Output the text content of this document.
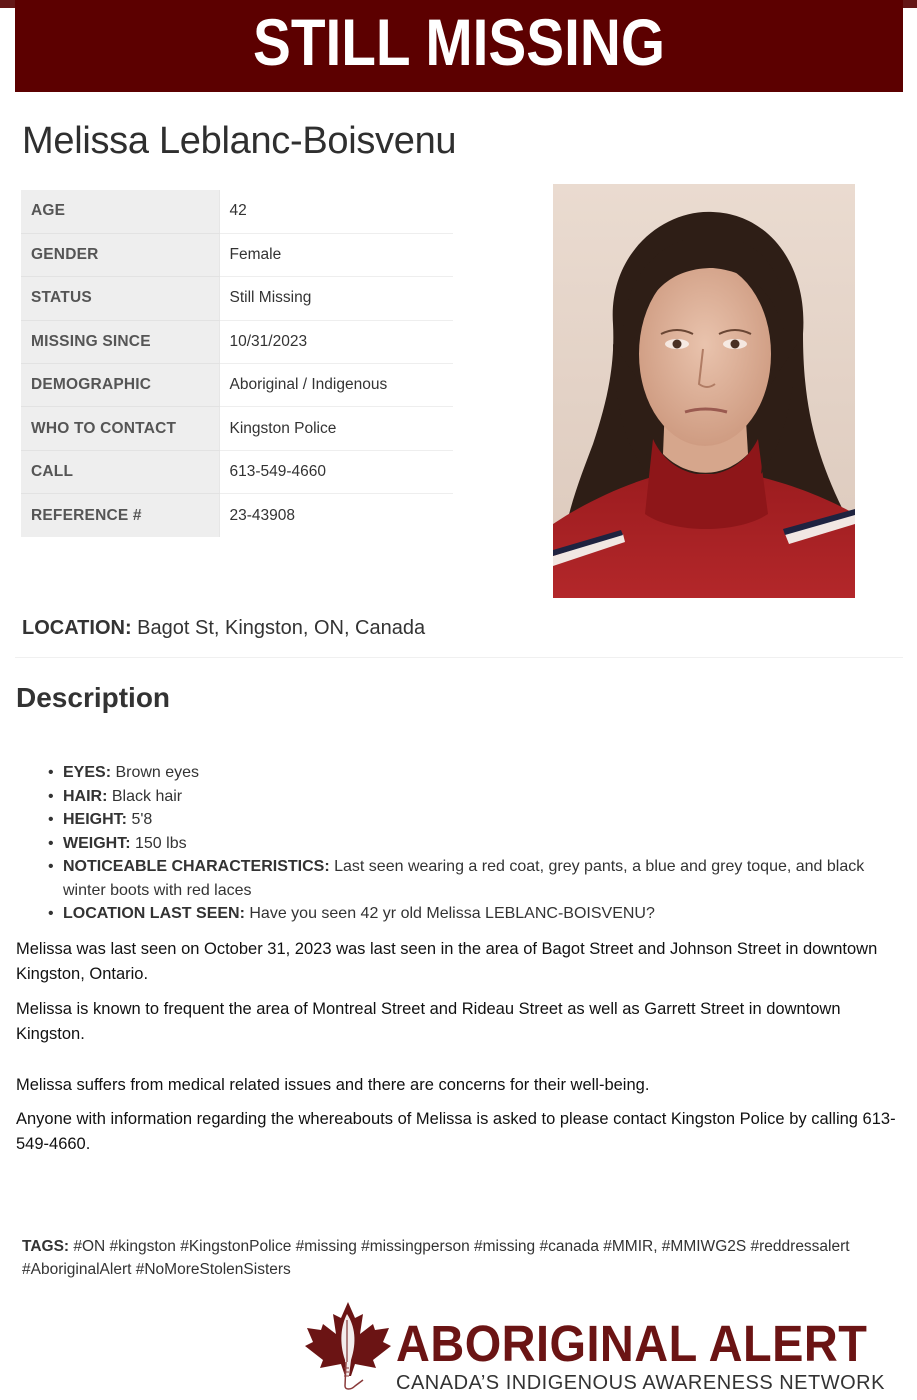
STILL MISSING
Melissa Leblanc-Boisvenu
AGE	42
GENDER	Female
STATUS	Still Missing
MISSING SINCE	10/31/2023
DEMOGRAPHIC	Aboriginal / Indigenous
WHO TO CONTACT	Kingston Police
CALL	613-549-4660
REFERENCE #	23-43908
LOCATION: Bagot St, Kingston, ON, Canada
Description
• EYES: Brown eyes
• HAIR: Black hair
• HEIGHT: 5'8
• WEIGHT: 150 lbs
• NOTICEABLE CHARACTERISTICS: Last seen wearing a red coat, grey pants, a blue and grey toque, and black winter boots with red laces
• LOCATION LAST SEEN: Have you seen 42 yr old Melissa LEBLANC-BOISVENU?

Melissa was last seen on October 31, 2023 was last seen in the area of Bagot Street and Johnson Street in downtown Kingston, Ontario.

Melissa is known to frequent the area of Montreal Street and Rideau Street as well as Garrett Street in downtown Kingston.

Melissa suffers from medical related issues and there are concerns for their well-being.

Anyone with information regarding the whereabouts of Melissa is asked to please contact Kingston Police by calling 613-549-4660.

TAGS: #ON #kingston #KingstonPolice #missing #missingperson #missing #canada #MMIR, #MMIWG2S #reddressalert #AboriginalAlert #NoMoreStolenSisters
ABORIGINAL ALERT
CANADA’S INDIGENOUS AWARENESS NETWORK
